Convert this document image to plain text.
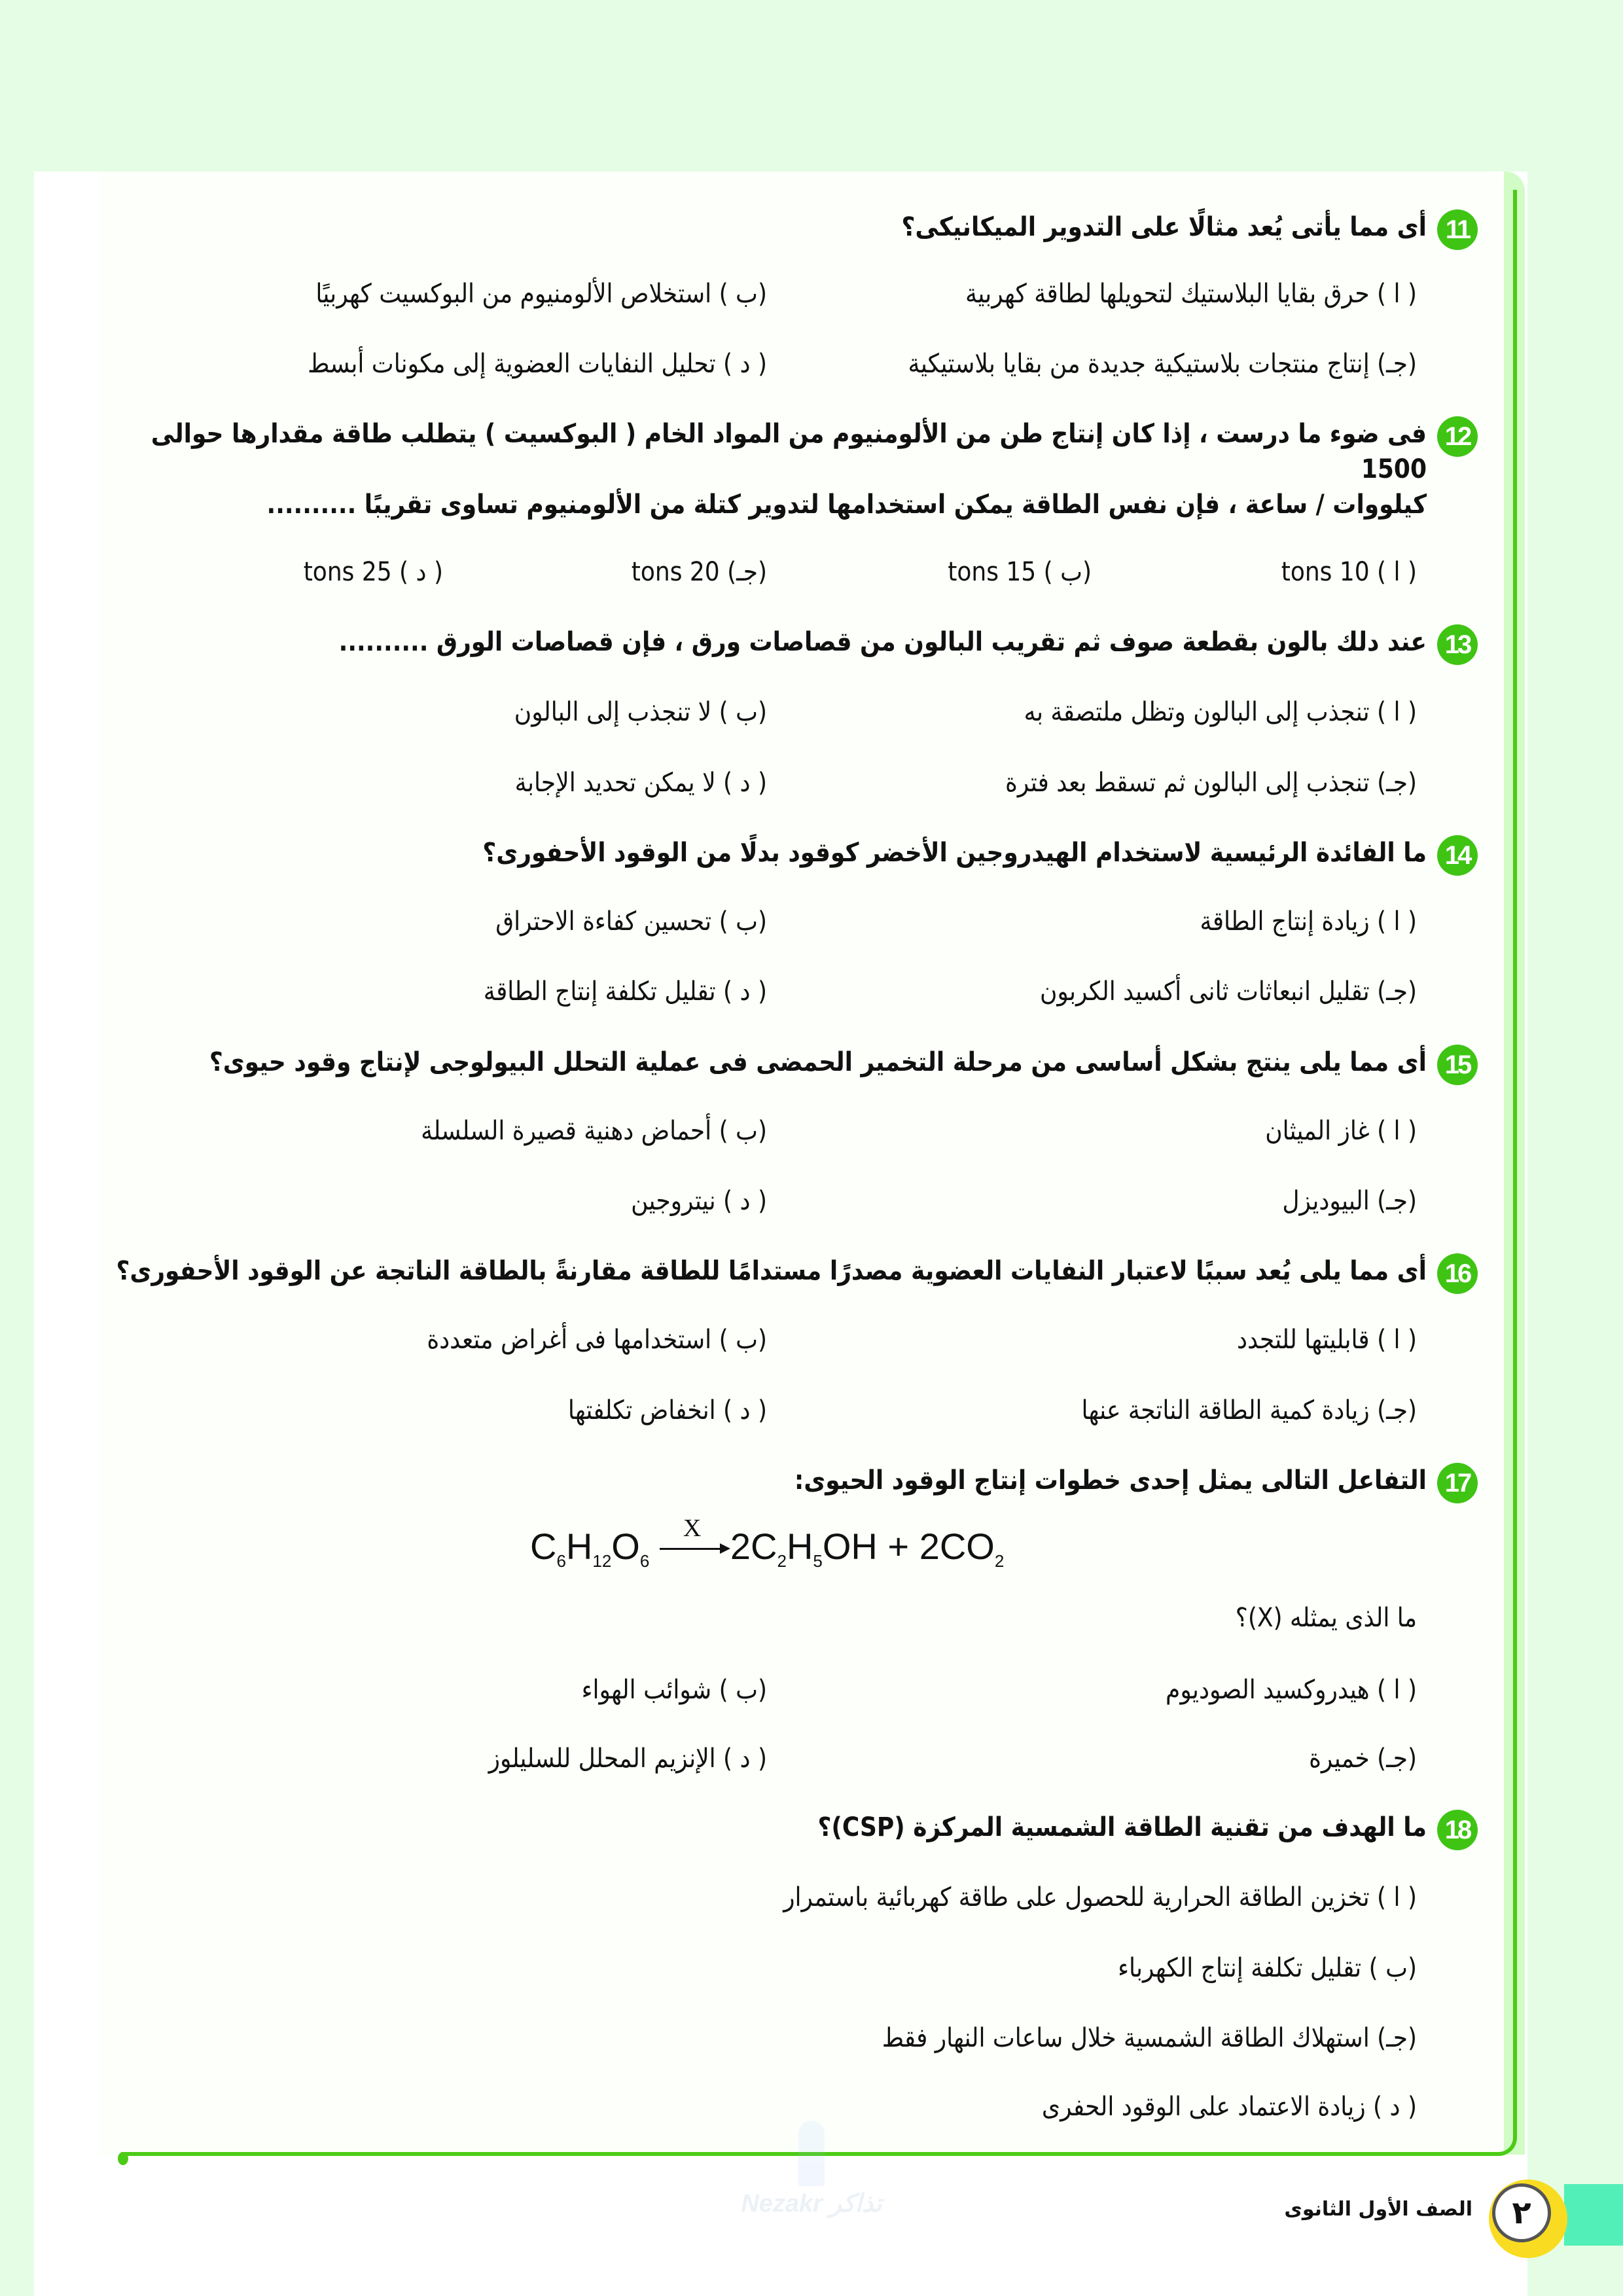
11
أى مما يأتى يُعد مثالًا على التدوير الميكانيكى؟
( ا ) حرق بقايا البلاستيك لتحويلها لطاقة كهربية
(ب ) استخلاص الألومنيوم من البوكسيت كهربيًا
(جـ) إنتاج منتجات بلاستيكية جديدة من بقايا بلاستيكية
( د ) تحليل النفايات العضوية إلى مكونات أبسط
12
فى ضوء ما درست ، إذا كان إنتاج طن من الألومنيوم من المواد الخام ( البوكسيت ) يتطلب طاقة مقدارها حوالى 1500
كيلووات / ساعة ، فإن نفس الطاقة يمكن استخدامها لتدوير كتلة من الألومنيوم تساوى تقريبًا ..........
( ا ) 10 tons
(ب ) 15 tons
(جـ) 20 tons
( د ) 25 tons
13
عند دلك بالون بقطعة صوف ثم تقريب البالون من قصاصات ورق ، فإن قصاصات الورق ..........
( ا ) تنجذب إلى البالون وتظل ملتصقة به
(ب ) لا تنجذب إلى البالون
(جـ) تنجذب إلى البالون ثم تسقط بعد فترة
( د ) لا يمكن تحديد الإجابة
14
ما الفائدة الرئيسية لاستخدام الهيدروجين الأخضر كوقود بدلًا من الوقود الأحفورى؟
( ا ) زيادة إنتاج الطاقة
(ب ) تحسين كفاءة الاحتراق
(جـ) تقليل انبعاثات ثانى أكسيد الكربون
( د ) تقليل تكلفة إنتاج الطاقة
15
أى مما يلى ينتج بشكل أساسى من مرحلة التخمير الحمضى فى عملية التحلل البيولوجى لإنتاج وقود حيوى؟
( ا ) غاز الميثان
(ب ) أحماض دهنية قصيرة السلسلة
(جـ) البيوديزل
( د ) نيتروجين
16
أى مما يلى يُعد سببًا لاعتبار النفايات العضوية مصدرًا مستدامًا للطاقة مقارنةً بالطاقة الناتجة عن الوقود الأحفورى؟
( ا ) قابليتها للتجدد
(ب ) استخدامها فى أغراض متعددة
(جـ) زيادة كمية الطاقة الناتجة عنها
( د ) انخفاض تكلفتها
17
التفاعل التالى يمثل إحدى خطوات إنتاج الوقود الحيوى:
ما الذى يمثله (X)؟
( ا ) هيدروكسيد الصوديوم
(ب ) شوائب الهواء
(جـ) خميرة
( د ) الإنزيم المحلل للسليلوز
18
ما الهدف من تقنية الطاقة الشمسية المركزة (CSP)؟
( ا ) تخزين الطاقة الحرارية للحصول على طاقة كهربائية باستمرار
(ب ) تقليل تكلفة إنتاج الكهرباء
(جـ) استهلاك الطاقة الشمسية خلال ساعات النهار فقط
( د ) زيادة الاعتماد على الوقود الحفرى
$C_6H_{12}O_6$
X $2C_2H_5OH + 2CO_2$
Nezakr تذاكر	٢
الصف الأول الثانوى
